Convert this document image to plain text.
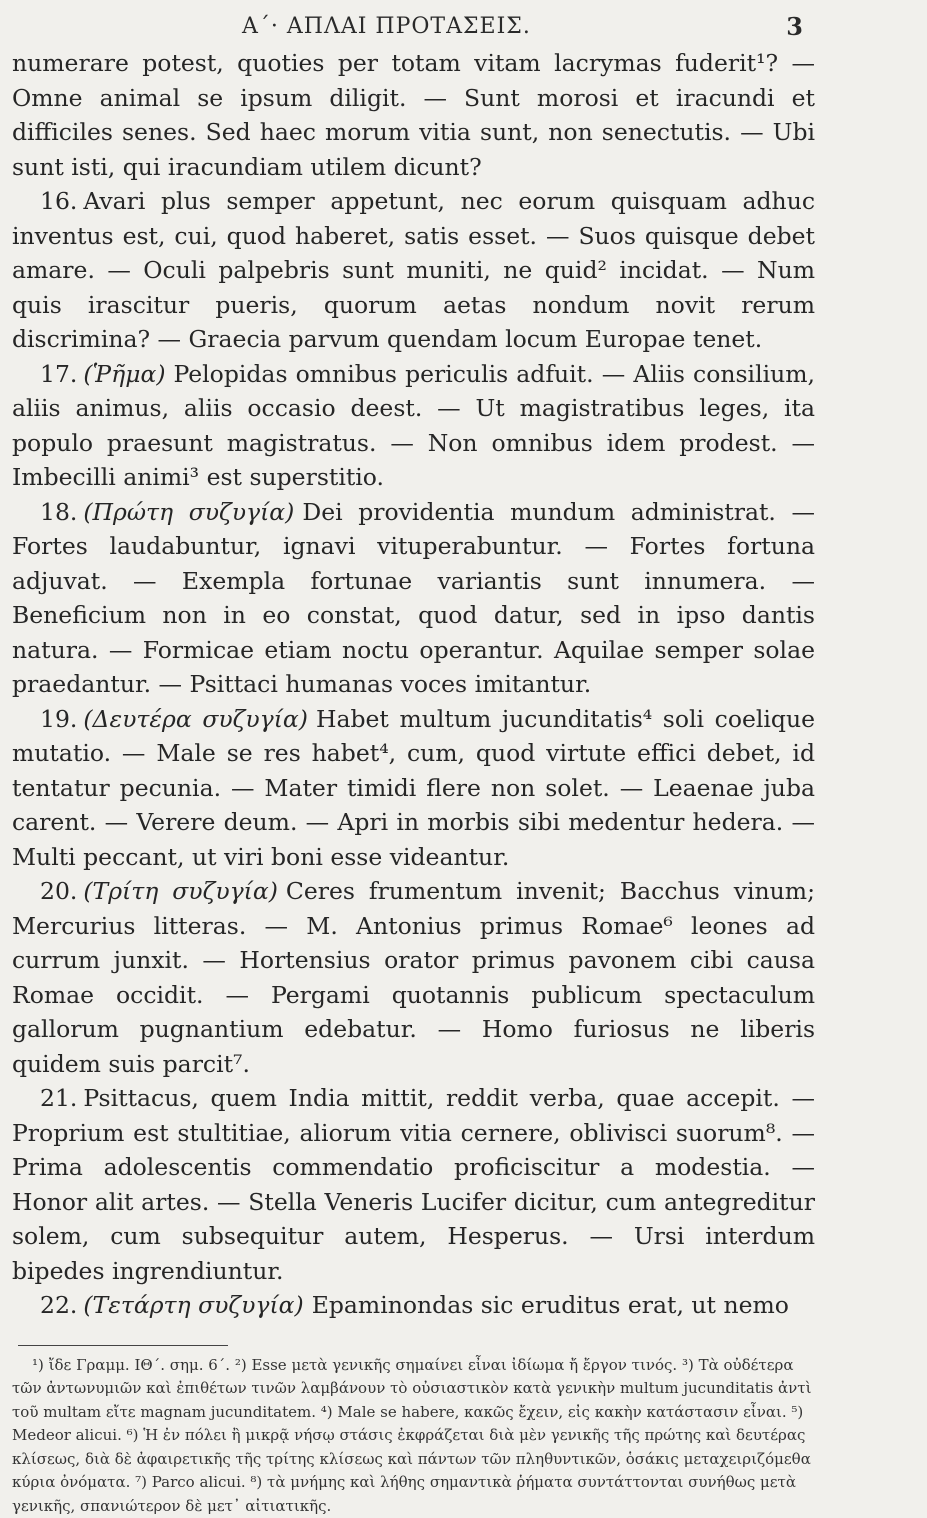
Α΄· ΑΠΛΑΙ ΠΡΟΤΑΣΕΙΣ.	3

numerare potest, quoties per totam vitam lacrymas fuderit¹? — Omne animal se ipsum diligit. — Sunt morosi et iracundi et difficiles senes. Sed haec morum vitia sunt, non senectutis. — Ubi sunt isti, qui iracundiam utilem dicunt?

16. Avari plus semper appetunt, nec eorum quisquam adhuc inventus est, cui, quod haberet, satis esset. — Suos quisque debet amare. — Oculi palpebris sunt muniti, ne quid² incidat. — Num quis irascitur pueris, quorum aetas nondum novit rerum discrimina? — Graecia parvum quendam locum Europae tenet.

17. (Ῥῆμα) Pelopidas omnibus periculis adfuit. — Aliis consilium, aliis animus, aliis occasio deest. — Ut magistratibus leges, ita populo praesunt magistratus. — Non omnibus idem prodest. — Imbecilli animi³ est superstitio.

18. (Πρώτη συζυγία) Dei providentia mundum administrat. — Fortes laudabuntur, ignavi vituperabuntur. — Fortes fortuna adjuvat. — Exempla fortunae variantis sunt innumera. — Beneficium non in eo constat, quod datur, sed in ipso dantis natura. — Formicae etiam noctu operantur. Aquilae semper solae praedantur. — Psittaci humanas voces imitantur.

19. (Δευτέρα συζυγία) Habet multum jucunditatis⁴ soli coelique mutatio. — Male se res habet⁴, cum, quod virtute effici debet, id tentatur pecunia. — Mater timidi flere non solet. — Leaenae juba carent. — Verere deum. — Apri in morbis sibi medentur hedera. — Multi peccant, ut viri boni esse videantur.

20. (Τρίτη συζυγία) Ceres frumentum invenit; Bacchus vinum; Mercurius litteras. — M. Antonius primus Romae⁶ leones ad currum junxit. — Hortensius orator primus pavonem cibi causa Romae occidit. — Pergami quotannis publicum spectaculum gallorum pugnantium edebatur. — Homo furiosus ne liberis quidem suis parcit⁷.

21. Psittacus, quem India mittit, reddit verba, quae accepit. — Proprium est stultitiae, aliorum vitia cernere, oblivisci suorum⁸. — Prima adolescentis commendatio proficiscitur a modestia. — Honor alit artes. — Stella Veneris Lucifer dicitur, cum antegreditur solem, cum subsequitur autem, Hesperus. — Ursi interdum bipedes ingrendiuntur.

22. (Τετάρτη συζυγία) Epaminondas sic eruditus erat, ut nemo

¹) ἴδε Γραμμ. ΙΘ΄. σημ. 6΄. ²) Esse μετὰ γενικῆς σημαίνει εἶναι ἰδίωμα ἤ ἔργον τινός. ³) Τὰ οὐδέτερα τῶν ἀντωνυμιῶν καὶ ἐπιθέτων τινῶν λαμβάνουν τὸ οὐσιαστικὸν κατὰ γενικὴν multum jucunditatis ἀντὶ τοῦ multam εἴτε magnam jucunditatem. ⁴) Male se habere, κακῶς ἔχειν, εἰς κακὴν κατάστασιν εἶναι. ⁵) Medeor alicui. ⁶) Ἡ ἐν πόλει ἢ μικρᾷ νήσῳ στάσις ἐκφράζεται διὰ μὲν γενικῆς τῆς πρώτης καὶ δευτέρας κλίσεως, διὰ δὲ ἀφαιρετικῆς τῆς τρίτης κλίσεως καὶ πάντων τῶν πληθυντικῶν, ὁσάκις μεταχειριζόμεθα κύρια ὀνόματα. ⁷) Parco alicui. ⁸) τὰ μνήμης καὶ λήθης σημαντικὰ ῥήματα συντάττονται συνήθως μετὰ γενικῆς, σπανιώτερον δὲ μετ᾽ αἰτιατικῆς.
